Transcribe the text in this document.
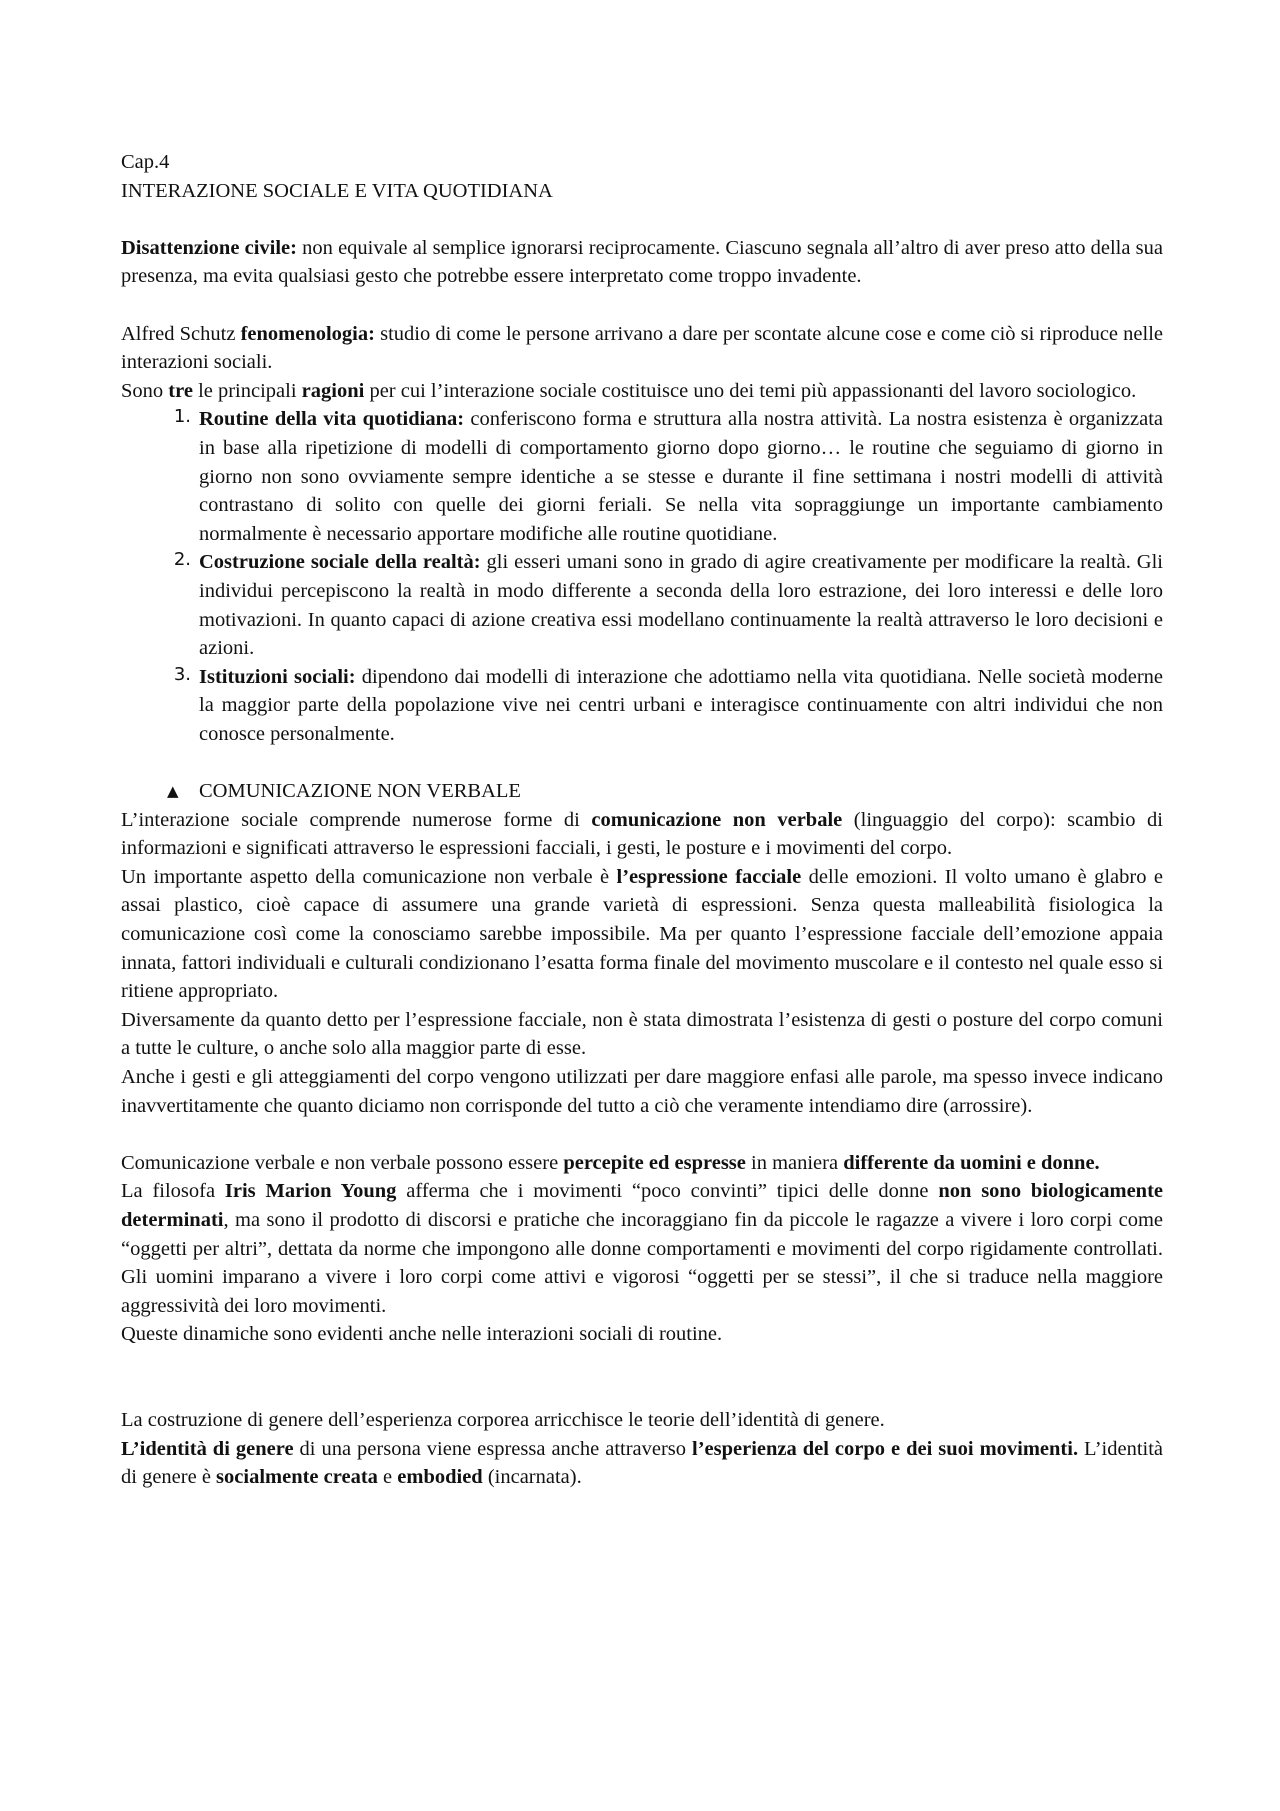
Cap.4

INTERAZIONE SOCIALE E VITA QUOTIDIANA

Disattenzione civile: non equivale al semplice ignorarsi reciprocamente. Ciascuno segnala all’altro di aver preso atto della sua presenza, ma evita qualsiasi gesto che potrebbe essere interpretato come troppo invadente.

Alfred Schutz fenomenologia: studio di come le persone arrivano a dare per scontate alcune cose e come ciò si riproduce nelle interazioni sociali.

Sono tre le principali ragioni per cui l’interazione sociale costituisce uno dei temi più appassionanti del lavoro sociologico.

1. Routine della vita quotidiana: conferiscono forma e struttura alla nostra attività. La nostra esistenza è organizzata in base alla ripetizione di modelli di comportamento giorno dopo giorno… le routine che seguiamo di giorno in giorno non sono ovviamente sempre identiche a se stesse e durante il fine settimana i nostri modelli di attività contrastano di solito con quelle dei giorni feriali. Se nella vita sopraggiunge un importante cambiamento normalmente è necessario apportare modifiche alle routine quotidiane.
2. Costruzione sociale della realtà: gli esseri umani sono in grado di agire creativamente per modificare la realtà. Gli individui percepiscono la realtà in modo differente a seconda della loro estrazione, dei loro interessi e delle loro motivazioni. In quanto capaci di azione creativa essi modellano continuamente la realtà attraverso le loro decisioni e azioni.
3. Istituzioni sociali: dipendono dai modelli di interazione che adottiamo nella vita quotidiana. Nelle società moderne la maggior parte della popolazione vive nei centri urbani e interagisce continuamente con altri individui che non conosce personalmente.

▲ COMUNICAZIONE NON VERBALE

L’interazione sociale comprende numerose forme di comunicazione non verbale (linguaggio del corpo): scambio di informazioni e significati attraverso le espressioni facciali, i gesti, le posture e i movimenti del corpo.

Un importante aspetto della comunicazione non verbale è l’espressione facciale delle emozioni. Il volto umano è glabro e assai plastico, cioè capace di assumere una grande varietà di espressioni. Senza questa malleabilità fisiologica la comunicazione così come la conosciamo sarebbe impossibile. Ma per quanto l’espressione facciale dell’emozione appaia innata, fattori individuali e culturali condizionano l’esatta forma finale del movimento muscolare e il contesto nel quale esso si ritiene appropriato.

Diversamente da quanto detto per l’espressione facciale, non è stata dimostrata l’esistenza di gesti o posture del corpo comuni a tutte le culture, o anche solo alla maggior parte di esse.

Anche i gesti e gli atteggiamenti del corpo vengono utilizzati per dare maggiore enfasi alle parole, ma spesso invece indicano inavvertitamente che quanto diciamo non corrisponde del tutto a ciò che veramente intendiamo dire (arrossire).

Comunicazione verbale e non verbale possono essere percepite ed espresse in maniera differente da uomini e donne.

La filosofa Iris Marion Young afferma che i movimenti “poco convinti” tipici delle donne non sono biologicamente determinati, ma sono il prodotto di discorsi e pratiche che incoraggiano fin da piccole le ragazze a vivere i loro corpi come “oggetti per altri”, dettata da norme che impongono alle donne comportamenti e movimenti del corpo rigidamente controllati. Gli uomini imparano a vivere i loro corpi come attivi e vigorosi “oggetti per se stessi”, il che si traduce nella maggiore aggressività dei loro movimenti.

Queste dinamiche sono evidenti anche nelle interazioni sociali di routine.

La costruzione di genere dell’esperienza corporea arricchisce le teorie dell’identità di genere.

L’identità di genere di una persona viene espressa anche attraverso l’esperienza del corpo e dei suoi movimenti. L’identità di genere è socialmente creata e embodied (incarnata).
